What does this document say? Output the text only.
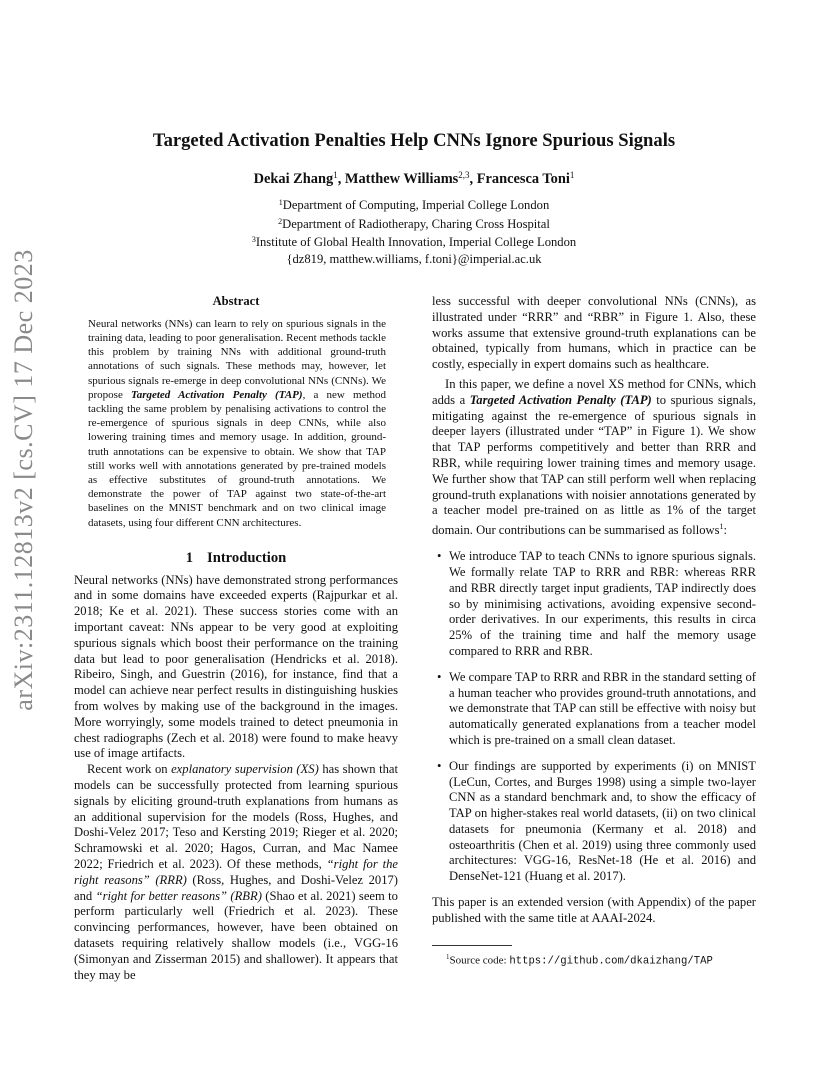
arXiv:2311.12813v2 [cs.CV] 17 Dec 2023
Targeted Activation Penalties Help CNNs Ignore Spurious Signals
Dekai Zhang$^1$, Matthew Williams$^{2,3}$, Francesca Toni$^1$
$^1$Department of Computing, Imperial College London
$^2$Department of Radiotherapy, Charing Cross Hospital
$^3$Institute of Global Health Innovation, Imperial College London
{dz819, matthew.williams, f.toni}@imperial.ac.uk
Abstract

Neural networks (NNs) can learn to rely on spurious signals in the training data, leading to poor generalisation. Recent methods tackle this problem by training NNs with additional ground-truth annotations of such signals. These methods may, however, let spurious signals re-emerge in deep convolutional NNs (CNNs). We propose Targeted Activation Penalty (TAP), a new method tackling the same problem by penalising activations to control the re-emergence of spurious signals in deep CNNs, while also lowering training times and memory usage. In addition, ground-truth annotations can be expensive to obtain. We show that TAP still works well with annotations generated by pre-trained models as effective substitutes of ground-truth annotations. We demonstrate the power of TAP against two state-of-the-art baselines on the MNIST benchmark and on two clinical image datasets, using four different CNN architectures.

1 Introduction

Neural networks (NNs) have demonstrated strong performances and in some domains have exceeded experts (Rajpurkar et al. 2018; Ke et al. 2021). These success stories come with an important caveat: NNs appear to be very good at exploiting spurious signals which boost their performance on the training data but lead to poor generalisation (Hendricks et al. 2018). Ribeiro, Singh, and Guestrin (2016), for instance, find that a model can achieve near perfect results in distinguishing huskies from wolves by making use of the background in the images. More worryingly, some models trained to detect pneumonia in chest radiographs (Zech et al. 2018) were found to make heavy use of image artifacts.

Recent work on explanatory supervision (XS) has shown that models can be successfully protected from learning spurious signals by eliciting ground-truth explanations from humans as an additional supervision for the models (Ross, Hughes, and Doshi-Velez 2017; Teso and Kersting 2019; Rieger et al. 2020; Schramowski et al. 2020; Hagos, Curran, and Mac Namee 2022; Friedrich et al. 2023). Of these methods, “right for the right reasons” (RRR) (Ross, Hughes, and Doshi-Velez 2017) and “right for better reasons” (RBR) (Shao et al. 2021) seem to perform particularly well (Friedrich et al. 2023). These convincing performances, however, have been obtained on datasets requiring relatively shallow models (i.e., VGG-16 (Simonyan and Zisserman 2015) and shallower). It appears that they may be

less successful with deeper convolutional NNs (CNNs), as illustrated under “RRR” and “RBR” in Figure 1. Also, these works assume that extensive ground-truth explanations can be obtained, typically from humans, which in practice can be costly, especially in expert domains such as healthcare.

In this paper, we define a novel XS method for CNNs, which adds a Targeted Activation Penalty (TAP) to spurious signals, mitigating against the re-emergence of spurious signals in deeper layers (illustrated under “TAP” in Figure 1). We show that TAP performs competitively and better than RRR and RBR, while requiring lower training times and memory usage. We further show that TAP can still perform well when replacing ground-truth explanations with noisier annotations generated by a teacher model pre-trained on as little as 1% of the target domain. Our contributions can be summarised as follows$^1$:

• We introduce TAP to teach CNNs to ignore spurious signals. We formally relate TAP to RRR and RBR: whereas RRR and RBR directly target input gradients, TAP indirectly does so by minimising activations, avoiding expensive second-order derivatives. In our experiments, this results in circa 25% of the training time and half the memory usage compared to RRR and RBR.
• We compare TAP to RRR and RBR in the standard setting of a human teacher who provides ground-truth annotations, and we demonstrate that TAP can still be effective with noisy but automatically generated explanations from a teacher model which is pre-trained on a small clean dataset.
• Our findings are supported by experiments (i) on MNIST (LeCun, Cortes, and Burges 1998) using a simple two-layer CNN as a standard benchmark and, to show the efficacy of TAP on higher-stakes real world datasets, (ii) on two clinical datasets for pneumonia (Kermany et al. 2018) and osteoarthritis (Chen et al. 2019) using three commonly used architectures: VGG-16, ResNet-18 (He et al. 2016) and DenseNet-121 (Huang et al. 2017).

This paper is an extended version (with Appendix) of the paper published with the same title at AAAI-2024.

$^1$Source code: https://github.com/dkaizhang/TAP
